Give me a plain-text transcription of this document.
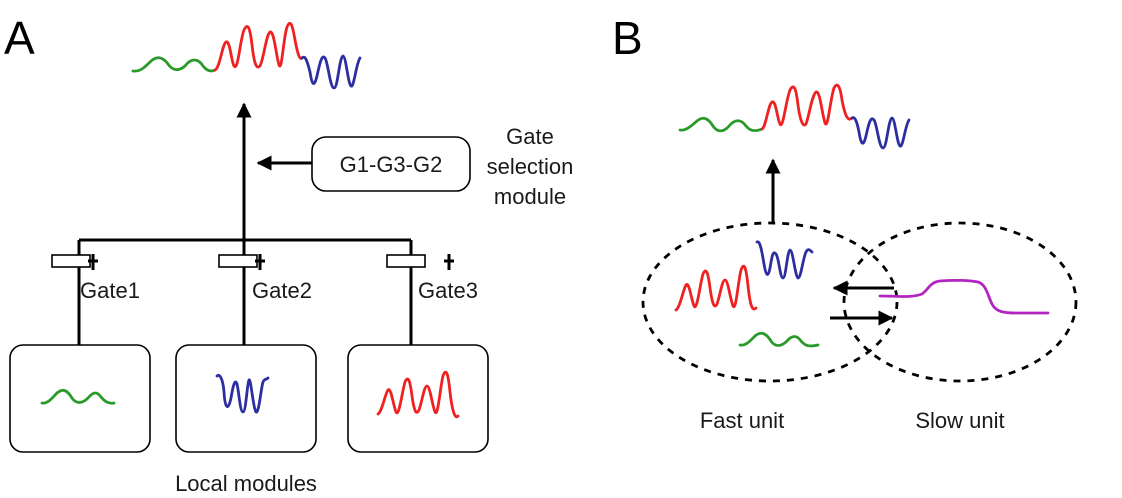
A
G1-G3-G2
Gate
selection
module
Gate1	Gate2	Gate3
Local modules
B
Fast unit	Slow unit
